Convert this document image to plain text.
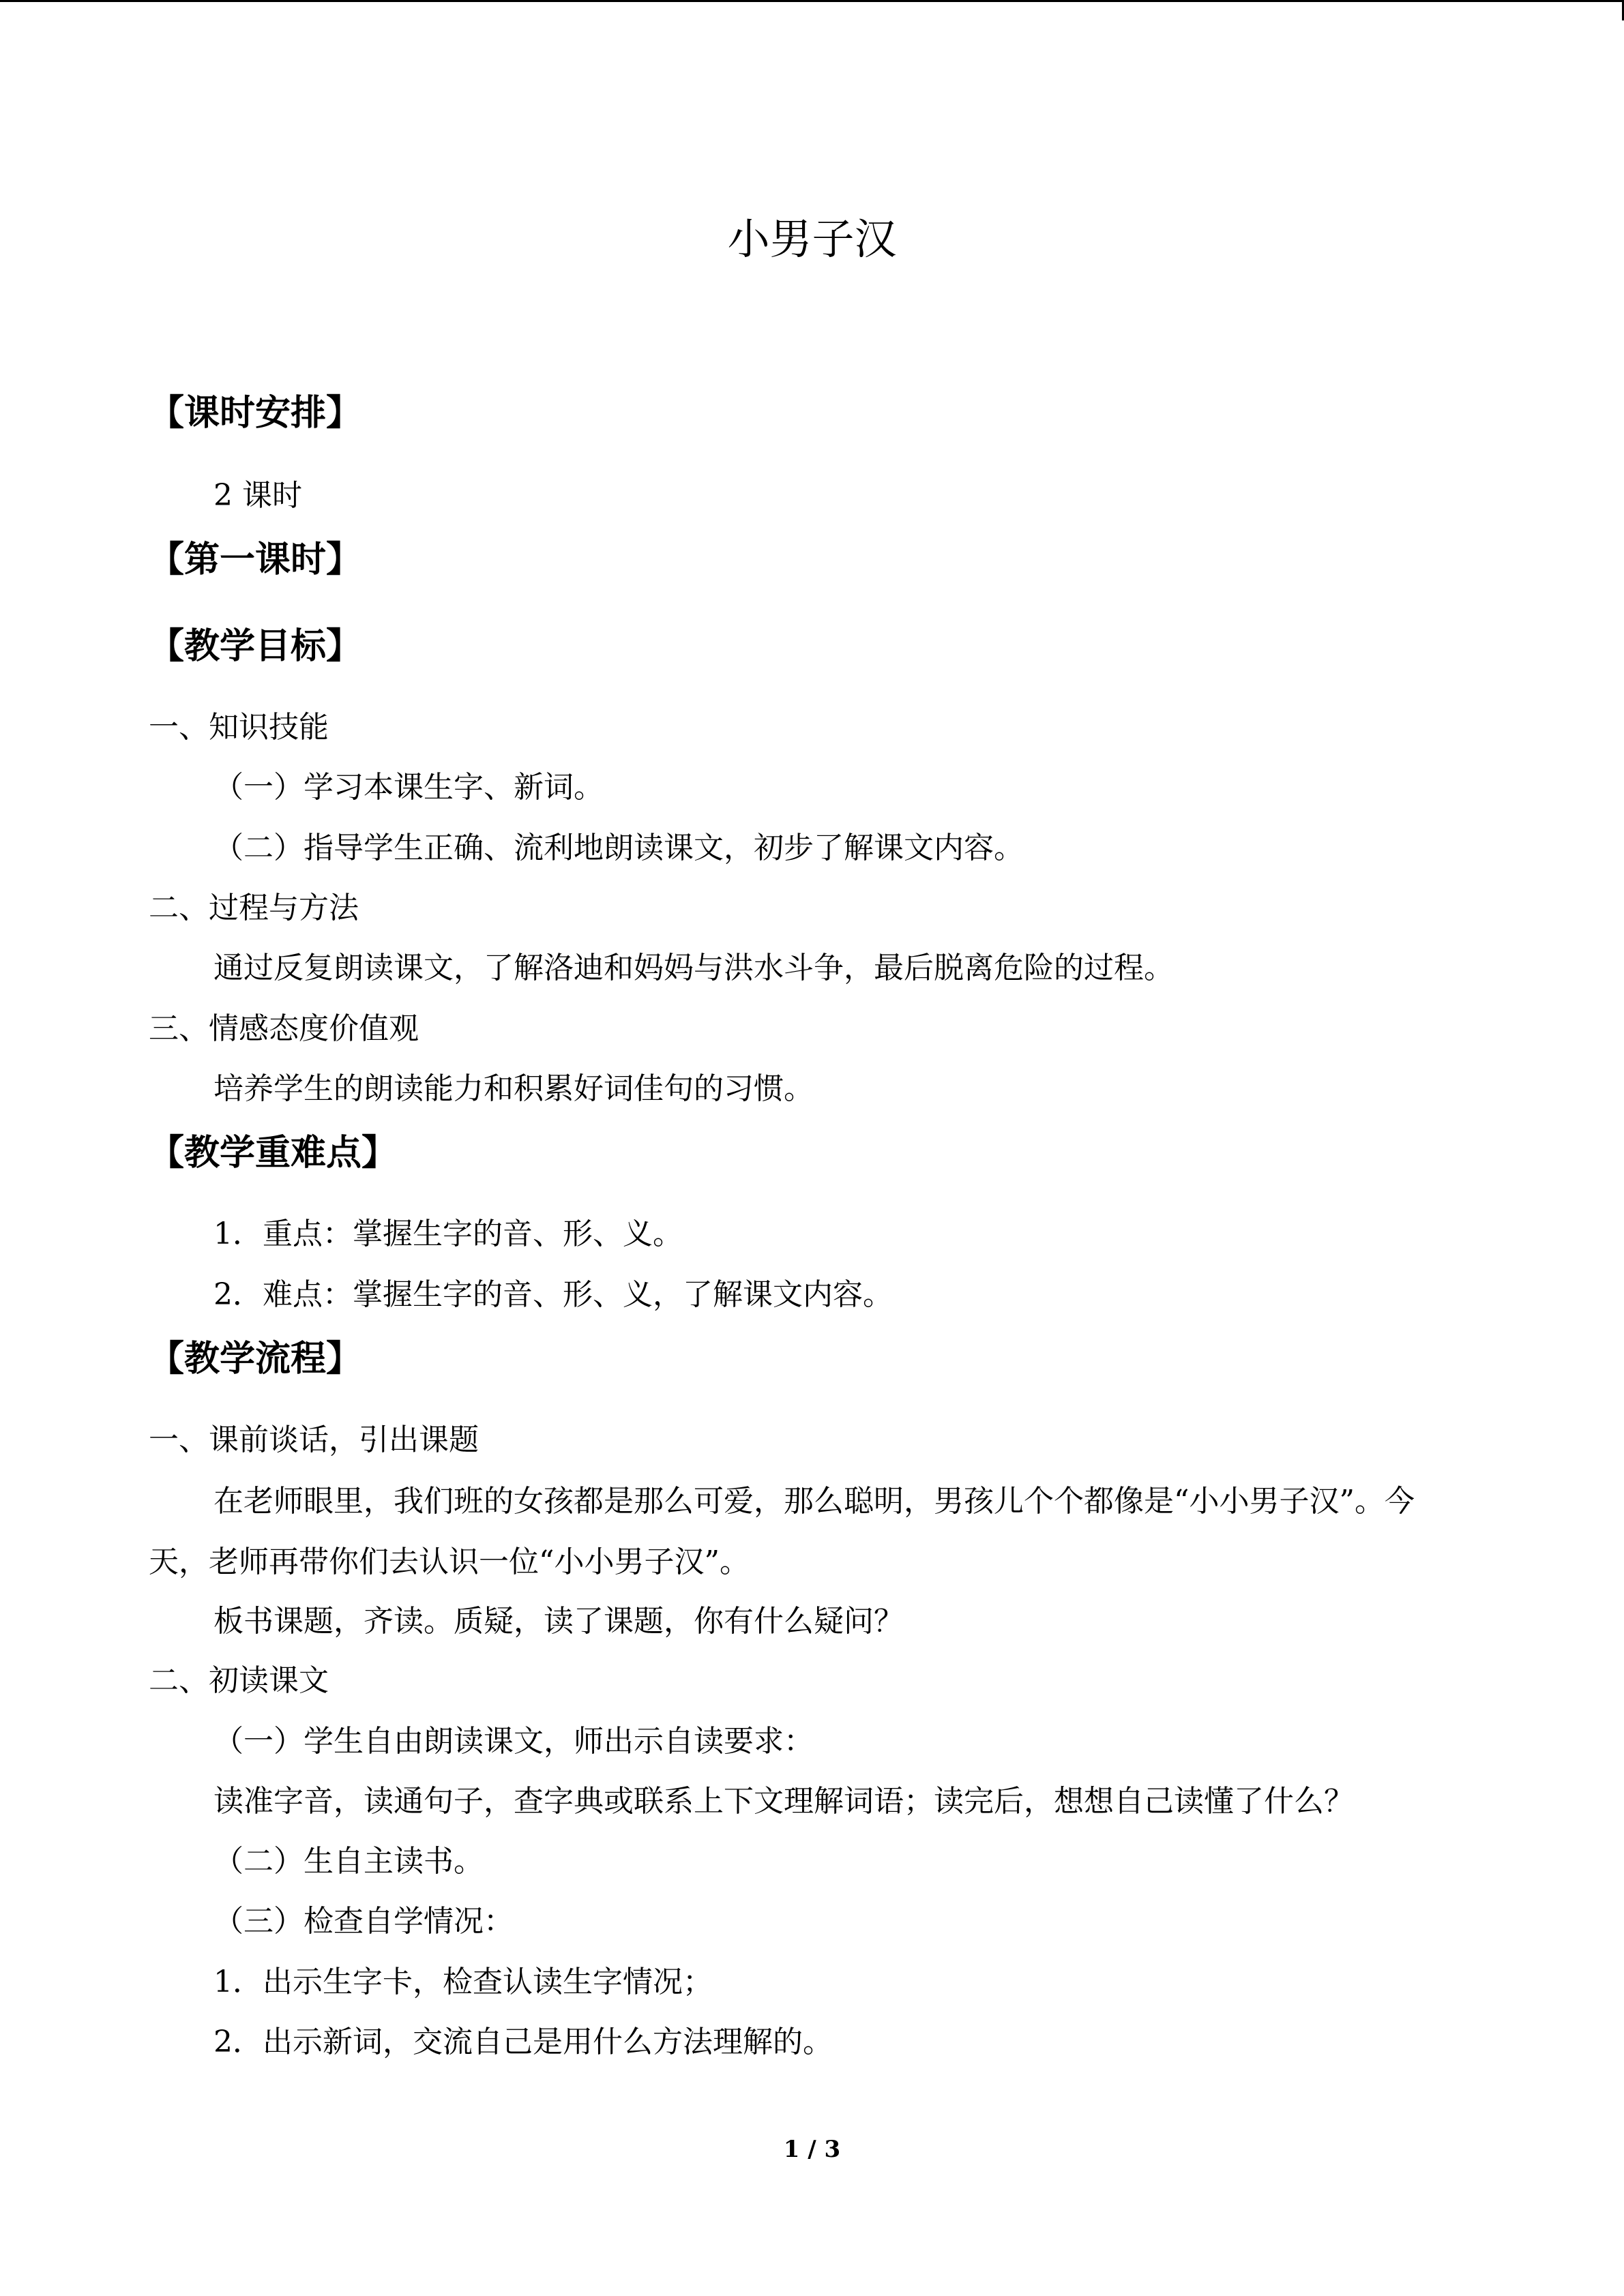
小男子汉
【课时安排】
2 课时
【第一课时】
【教学目标】
一、知识技能
（一）学习本课生字、新词。
（二）指导学生正确、流利地朗读课文，初步了解课文内容。
二、过程与方法
通过反复朗读课文，了解洛迪和妈妈与洪水斗争，最后脱离危险的过程。
三、情感态度价值观
培养学生的朗读能力和积累好词佳句的习惯。
【教学重难点】
1．重点：掌握生字的音、形、义。
2．难点：掌握生字的音、形、义，了解课文内容。
【教学流程】
一、课前谈话，引出课题
在老师眼里，我们班的女孩都是那么可爱，那么聪明，男孩儿个个都像是“小小男子汉”。今天，老师再带你们去认识一位“小小男子汉”。
板书课题，齐读。质疑，读了课题，你有什么疑问？
二、初读课文
（一）学生自由朗读课文，师出示自读要求：
读准字音，读通句子，查字典或联系上下文理解词语；读完后，想想自己读懂了什么？
（二）生自主读书。
（三）检查自学情况：
1．出示生字卡，检查认读生字情况；
2．出示新词，交流自己是用什么方法理解的。
1 / 3
